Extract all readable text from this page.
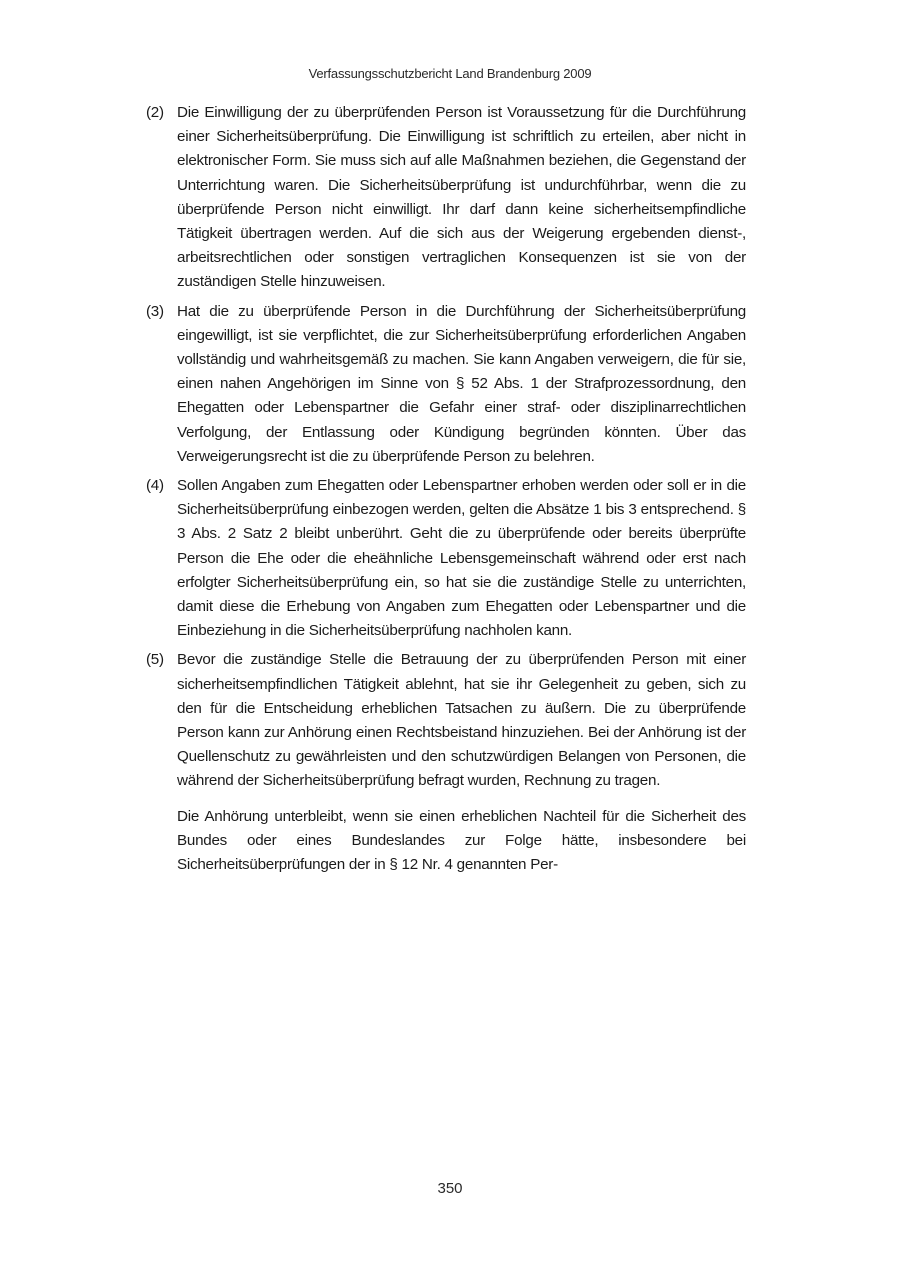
Verfassungsschutzbericht Land Brandenburg 2009
(2) Die Einwilligung der zu überprüfenden Person ist Voraussetzung für die Durchführung einer Sicherheitsüberprüfung. Die Einwilligung ist schriftlich zu erteilen, aber nicht in elektronischer Form. Sie muss sich auf alle Maßnahmen beziehen, die Gegenstand der Unterrichtung waren. Die Sicherheitsüberprüfung ist undurchführbar, wenn die zu überprüfende Person nicht einwilligt. Ihr darf dann keine sicherheitsempfindliche Tätigkeit übertragen werden. Auf die sich aus der Weigerung ergebenden dienst-, arbeitsrechtlichen oder sonstigen vertraglichen Konsequenzen ist sie von der zuständigen Stelle hinzuweisen.
(3) Hat die zu überprüfende Person in die Durchführung der Sicherheitsüberprüfung eingewilligt, ist sie verpflichtet, die zur Sicherheitsüberprüfung erforderlichen Angaben vollständig und wahrheitsgemäß zu machen. Sie kann Angaben verweigern, die für sie, einen nahen Angehörigen im Sinne von § 52 Abs. 1 der Strafprozessordnung, den Ehegatten oder Lebenspartner die Gefahr einer straf- oder disziplinarrechtlichen Verfolgung, der Entlassung oder Kündigung begründen könnten. Über das Verweigerungsrecht ist die zu überprüfende Person zu belehren.
(4) Sollen Angaben zum Ehegatten oder Lebenspartner erhoben werden oder soll er in die Sicherheitsüberprüfung einbezogen werden, gelten die Absätze 1 bis 3 entsprechend. § 3 Abs. 2 Satz 2 bleibt unberührt. Geht die zu überprüfende oder bereits überprüfte Person die Ehe oder die eheähnliche Lebensgemeinschaft während oder erst nach erfolgter Sicherheitsüberprüfung ein, so hat sie die zuständige Stelle zu unterrichten, damit diese die Erhebung von Angaben zum Ehegatten oder Lebenspartner und die Einbeziehung in die Sicherheitsüberprüfung nachholen kann.
(5) Bevor die zuständige Stelle die Betrauung der zu überprüfenden Person mit einer sicherheitsempfindlichen Tätigkeit ablehnt, hat sie ihr Gelegenheit zu geben, sich zu den für die Entscheidung erheblichen Tatsachen zu äußern. Die zu überprüfende Person kann zur Anhörung einen Rechtsbeistand hinzuziehen. Bei der Anhörung ist der Quellenschutz zu gewährleisten und den schutzwürdigen Belangen von Personen, die während der Sicherheitsüberprüfung befragt wurden, Rechnung zu tragen.
Die Anhörung unterbleibt, wenn sie einen erheblichen Nachteil für die Sicherheit des Bundes oder eines Bundeslandes zur Folge hätte, insbesondere bei Sicherheitsüberprüfungen der in § 12 Nr. 4 genannten Per-
350
